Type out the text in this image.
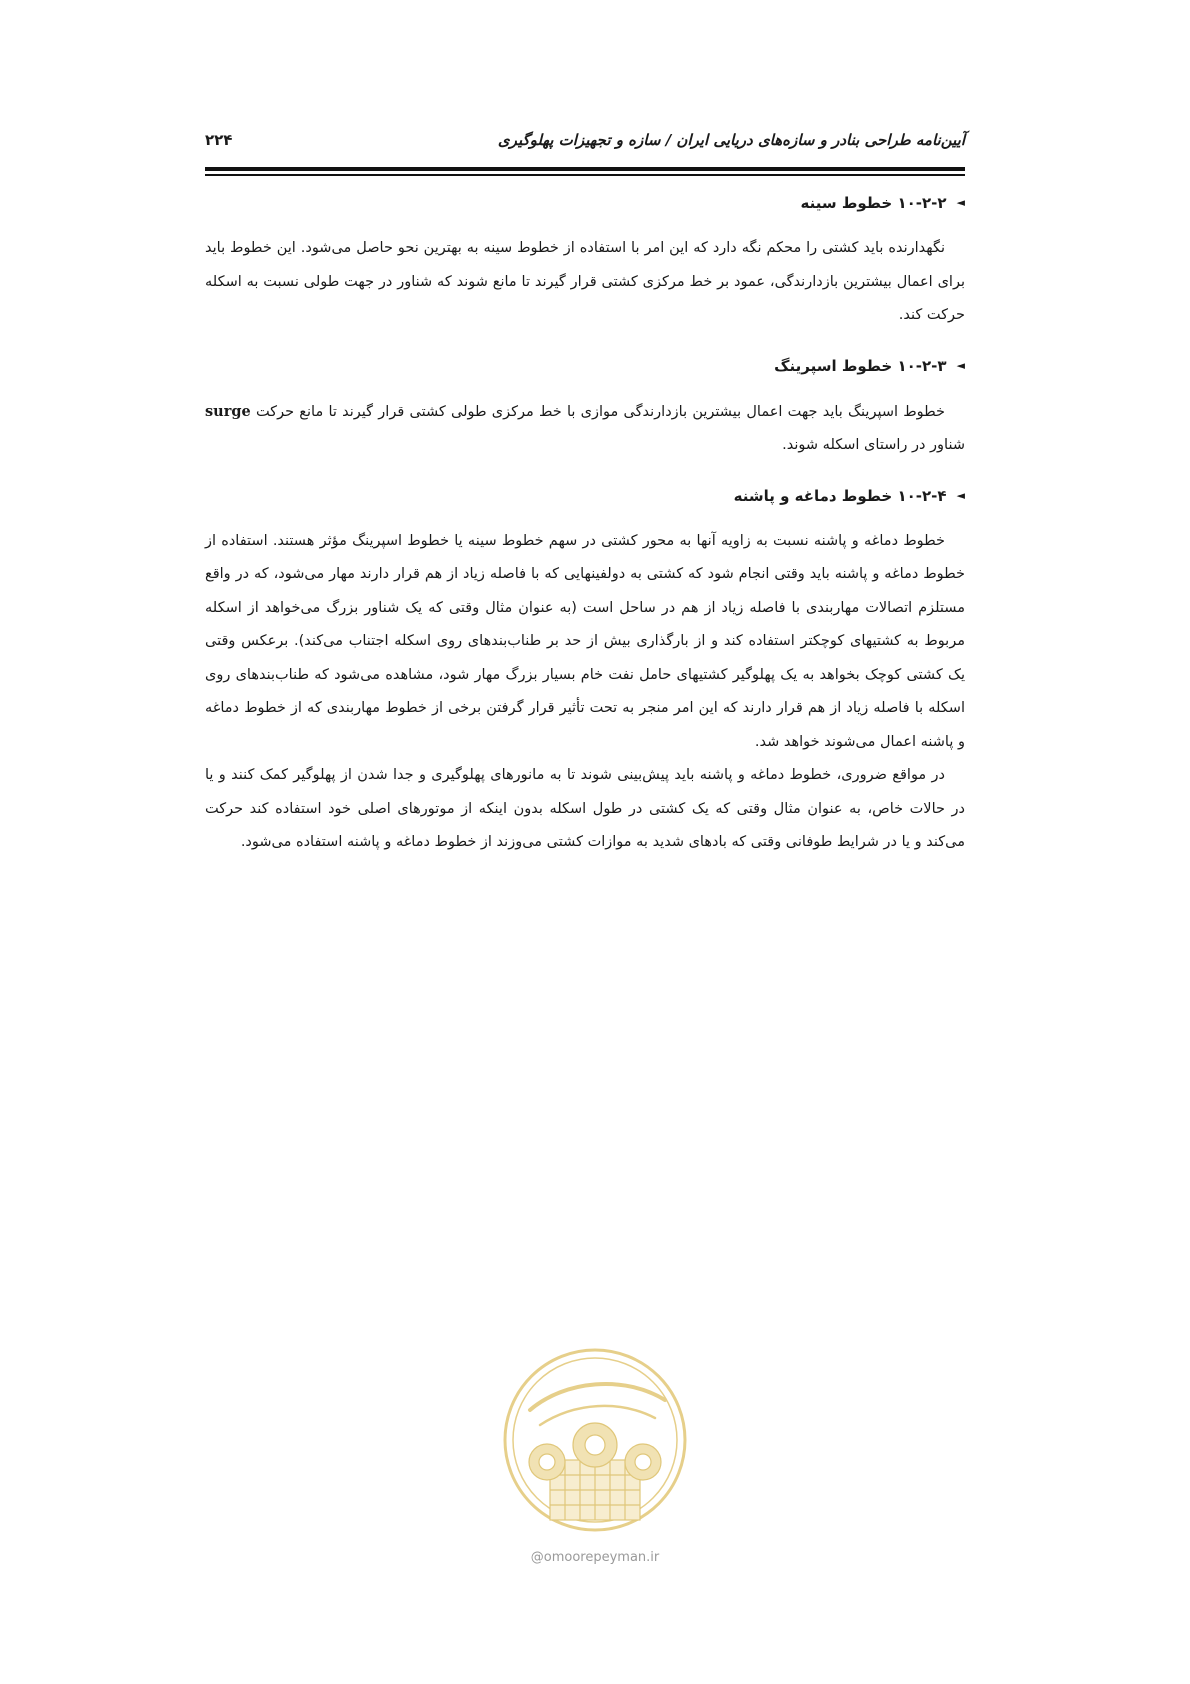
آیین‌نامه طراحی بنادر و سازه‌های دریایی ایران / سازه و تجهیزات پهلوگیری
۲۲۴
◄
۱۰-۲-۲ خطوط سینه

نگهدارنده باید کشتی را محکم نگه دارد که این امر با استفاده از خطوط سینه به بهترین نحو حاصل می‌شود. این خطوط باید برای اعمال بیشترین بازدارندگی، عمود بر خط مرکزی کشتی قرار گیرند تا مانع شوند که شناور در جهت طولی نسبت به اسکله حرکت کند.

◄
۱۰-۲-۳ خطوط اسپرینگ

خطوط اسپرینگ باید جهت اعمال بیشترین بازدارندگی موازی با خط مرکزی طولی کشتی قرار گیرند تا مانع حرکت surge شناور در راستای اسکله شوند.

◄
۱۰-۲-۴ خطوط دماغه و پاشنه

خطوط دماغه و پاشنه نسبت به زاویه آنها به محور کشتی در سهم خطوط سینه یا خطوط اسپرینگ مؤثر هستند. استفاده از خطوط دماغه و پاشنه باید وقتی انجام شود که کشتی به دولفینهایی که با فاصله زیاد از هم قرار دارند مهار می‌شود، که در واقع مستلزم اتصالات مهاربندی با فاصله زیاد از هم در ساحل است (به عنوان مثال وقتی که یک شناور بزرگ می‌خواهد از اسکله مربوط به کشتیهای کوچکتر استفاده کند و از بارگذاری بیش از حد بر طناب‌بندهای روی اسکله اجتناب می‌کند). برعکس وقتی یک کشتی کوچک بخواهد به یک پهلوگیر کشتیهای حامل نفت خام بسیار بزرگ مهار شود، مشاهده می‌شود که طناب‌بندهای روی اسکله با فاصله زیاد از هم قرار دارند که این امر منجر به تحت تأثیر قرار گرفتن برخی از خطوط مهاربندی که از خطوط دماغه و پاشنه اعمال می‌شوند خواهد شد.

در مواقع ضروری، خطوط دماغه و پاشنه باید پیش‌بینی شوند تا به مانورهای پهلوگیری و جدا شدن از پهلوگیر کمک کنند و یا در حالات خاص، به عنوان مثال وقتی که یک کشتی در طول اسکله بدون اینکه از موتورهای اصلی خود استفاده کند حرکت می‌کند و یا در شرایط طوفانی وقتی که بادهای شدید به موازات کشتی می‌وزند از خطوط دماغه و پاشنه استفاده می‌شود.

@omoorepeyman.ir
